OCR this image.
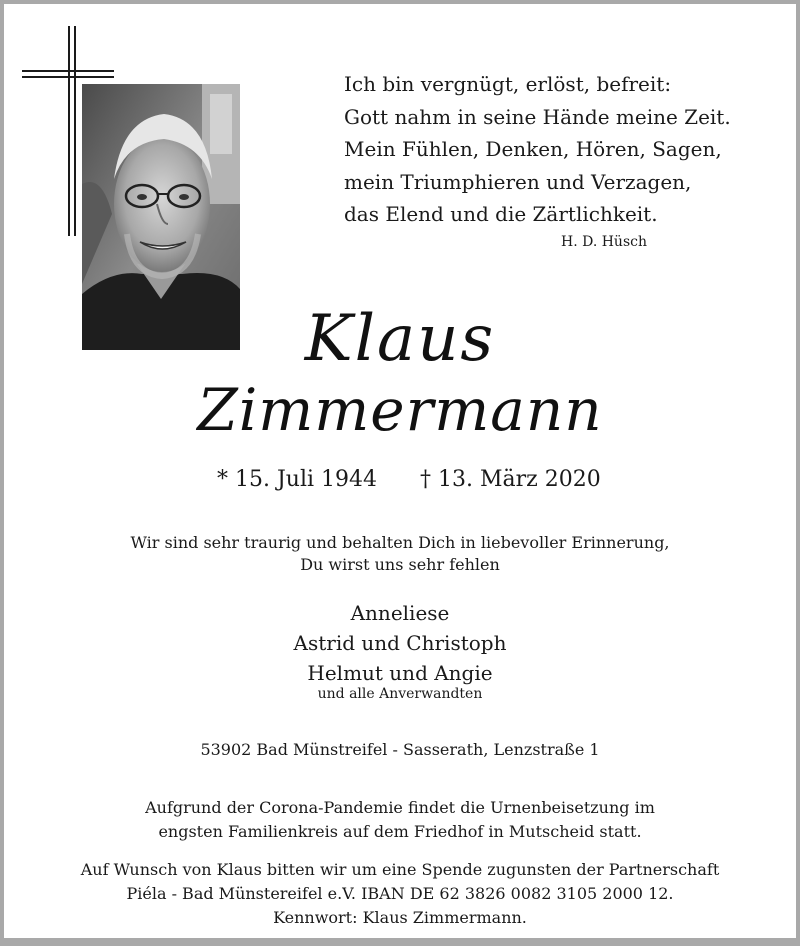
Ich bin vergnügt, erlöst, befreit:
Gott nahm in seine Hände meine Zeit.
Mein Fühlen, Denken, Hören, Sagen,
mein Triumphieren und Verzagen,
das Elend und die Zärtlichkeit.
H. D. Hüsch
Klaus
Zimmermann
* 15. Juli 1944 † 13. März 2020
Wir sind sehr traurig und behalten Dich in liebevoller Erinnerung,
Du wirst uns sehr fehlen
Anneliese
Astrid und Christoph
Helmut und Angie
und alle Anverwandten
53902 Bad Münstreifel - Sasserath, Lenzstraße 1
Aufgrund der Corona-Pandemie findet die Urnenbeisetzung im
engsten Familienkreis auf dem Friedhof in Mutscheid statt.
Auf Wunsch von Klaus bitten wir um eine Spende zugunsten der Partnerschaft
Piéla - Bad Münstereifel e.V. IBAN DE 62 3826 0082 3105 2000 12.
Kennwort: Klaus Zimmermann.
